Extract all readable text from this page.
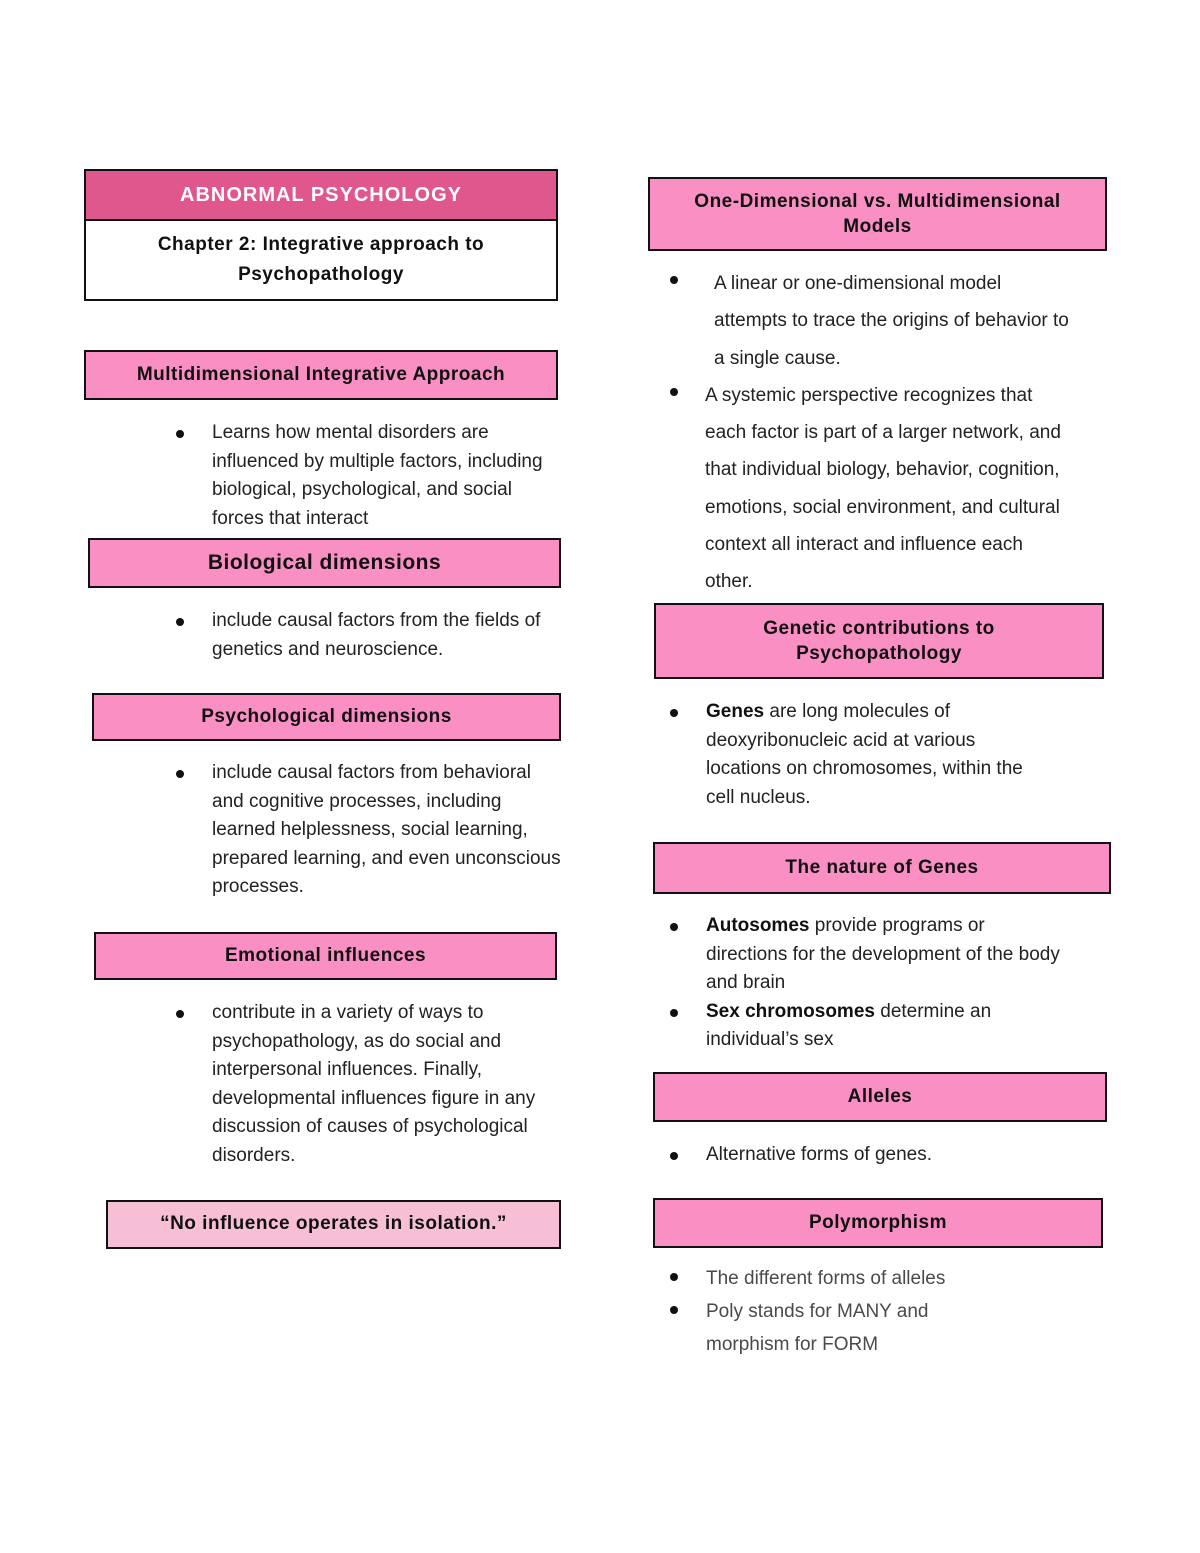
ABNORMAL PSYCHOLOGY
Chapter 2: Integrative approach to Psychopathology
Multidimensional Integrative Approach
Learns how mental disorders are influenced by multiple factors, including biological, psychological, and social forces that interact
Biological dimensions
include causal factors from the fields of genetics and neuroscience.
Psychological dimensions
include causal factors from behavioral and cognitive processes, including learned helplessness, social learning, prepared learning, and even unconscious processes.
Emotional influences
contribute in a variety of ways to psychopathology, as do social and interpersonal influences. Finally, developmental influences figure in any discussion of causes of psychological disorders.
“No influence operates in isolation.”
One-Dimensional vs. Multidimensional Models
A linear or one-dimensional model attempts to trace the origins of behavior to a single cause.
A systemic perspective recognizes that each factor is part of a larger network, and that individual biology, behavior, cognition, emotions, social environment, and cultural context all interact and influence each other.
Genetic contributions to Psychopathology
Genes are long molecules of deoxyribonucleic acid at various locations on chromosomes, within the cell nucleus.
The nature of Genes
Autosomes provide programs or directions for the development of the body and brain
Sex chromosomes determine an individual’s sex
Alleles
Alternative forms of genes.
Polymorphism
The different forms of alleles
Poly stands for MANY and morphism for FORM
